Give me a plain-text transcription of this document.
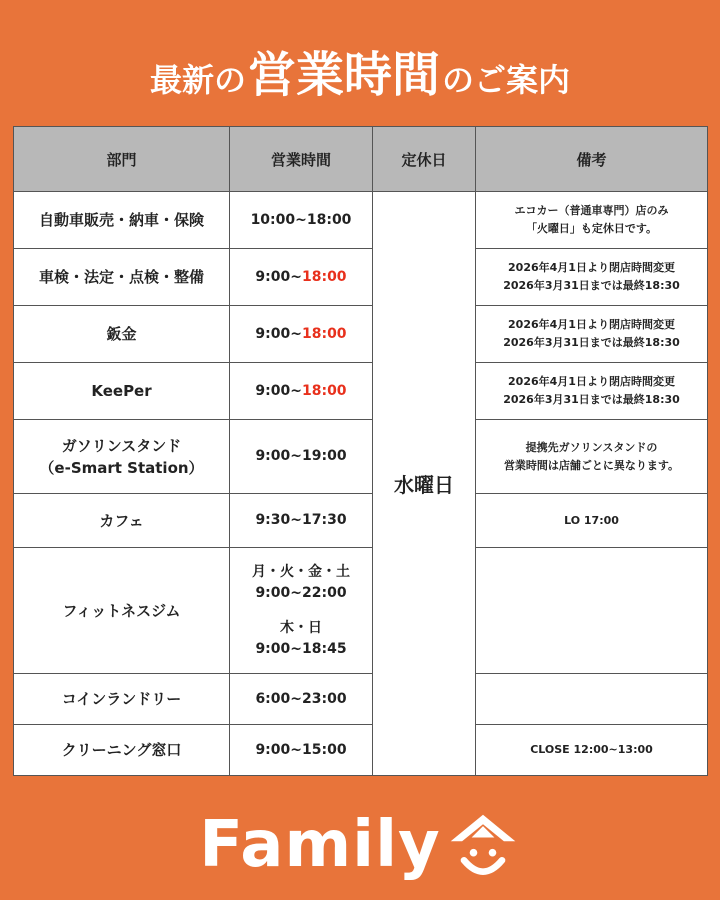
最新の 営業時間 のご案内
部門	営業時間	定休日	備考
自動車販売・納車・保険	10:00~18:00	水曜日	エコカー（普通車専門）店のみ
「火曜日」も定休日です。
車検・法定・点検・整備	9:00~18:00		2026年4月1日より閉店時間変更
2026年3月31日までは最終18:30
鈑金	9:00~18:00		2026年4月1日より閉店時間変更
2026年3月31日までは最終18:30
KeePer	9:00~18:00		2026年4月1日より閉店時間変更
2026年3月31日までは最終18:30
ガソリンスタンド
（e-Smart Station）	9:00~19:00		提携先ガソリンスタンドの
営業時間は店舗ごとに異なります。
カフェ	9:30~17:30		LO 17:00
フィットネスジム	月・火・金・土
9:00~22:00
木・日
9:00~18:45		
コインランドリー	6:00~23:00		
クリーニング窓口	9:00~15:00		CLOSE 12:00~13:00
Family
